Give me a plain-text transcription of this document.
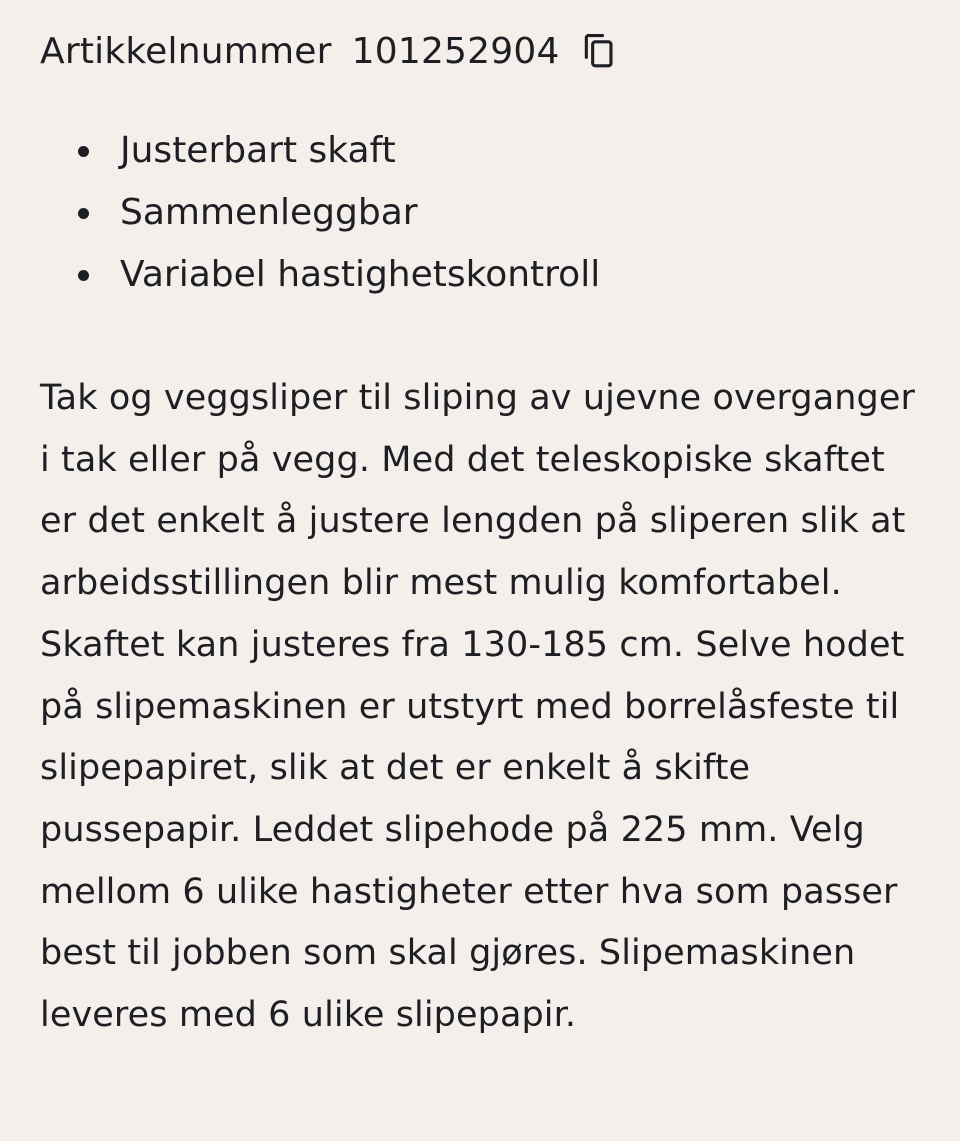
Artikkelnummer 101252904
Justerbart skaft
Sammenleggbar
Variabel hastighetskontroll

Tak og veggsliper til sliping av ujevne overganger i tak eller på vegg. Med det teleskopiske skaftet er det enkelt å justere lengden på sliperen slik at arbeidsstillingen blir mest mulig komfortabel. Skaftet kan justeres fra 130-185 cm. Selve hodet på slipemaskinen er utstyrt med borrelåsfeste til slipepapiret, slik at det er enkelt å skifte pussepapir. Leddet slipehode på 225 mm. Velg mellom 6 ulike hastigheter etter hva som passer best til jobben som skal gjøres. Slipemaskinen leveres med 6 ulike slipepapir.
